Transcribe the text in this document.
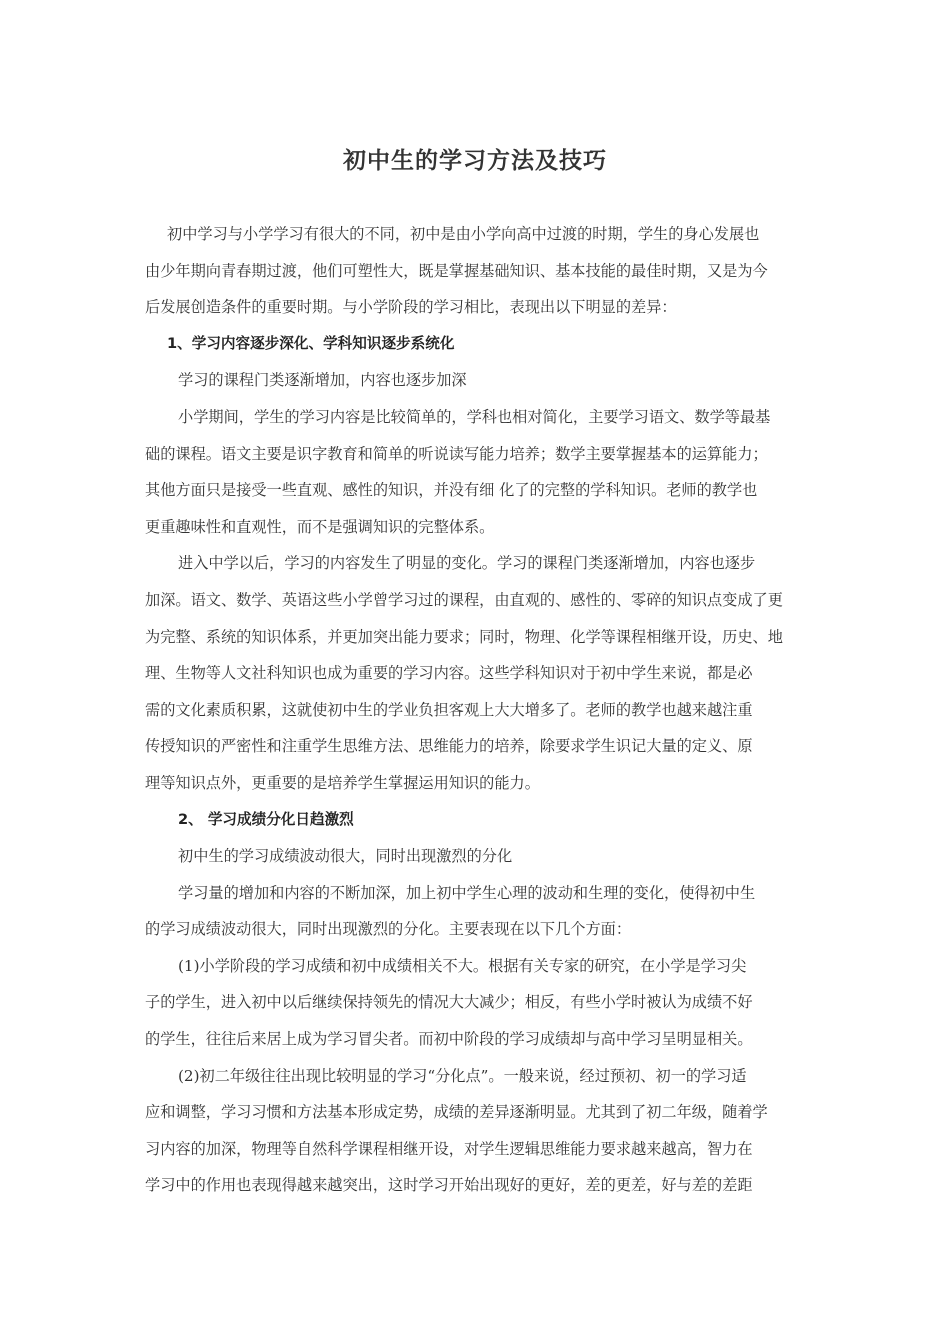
初中生的学习方法及技巧
初中学习与小学学习有很大的不同，初中是由小学向高中过渡的时期，学生的身心发展也
由少年期向青春期过渡，他们可塑性大，既是掌握基础知识、基本技能的最佳时期，又是为今
后发展创造条件的重要时期。与小学阶段的学习相比，表现出以下明显的差异：
1、学习内容逐步深化、学科知识逐步系统化
学习的课程门类逐渐增加，内容也逐步加深
小学期间，学生的学习内容是比较简单的，学科也相对简化，主要学习语文、数学等最基
础的课程。语文主要是识字教育和简单的听说读写能力培养；数学主要掌握基本的运算能力；
其他方面只是接受一些直观、感性的知识，并没有细 化了的完整的学科知识。老师的教学也
更重趣味性和直观性，而不是强调知识的完整体系。
进入中学以后，学习的内容发生了明显的变化。学习的课程门类逐渐增加，内容也逐步
加深。语文、数学、英语这些小学曾学习过的课程，由直观的、感性的、零碎的知识点变成了更
为完整、系统的知识体系，并更加突出能力要求；同时，物理、化学等课程相继开设，历史、地
理、生物等人文社科知识也成为重要的学习内容。这些学科知识对于初中学生来说，都是必
需的文化素质积累，这就使初中生的学业负担客观上大大增多了。老师的教学也越来越注重
传授知识的严密性和注重学生思维方法、思维能力的培养，除要求学生识记大量的定义、原
理等知识点外，更重要的是培养学生掌握运用知识的能力。
2、 学习成绩分化日趋激烈
初中生的学习成绩波动很大，同时出现激烈的分化
学习量的增加和内容的不断加深，加上初中学生心理的波动和生理的变化，使得初中生
的学习成绩波动很大，同时出现激烈的分化。主要表现在以下几个方面：
(1)小学阶段的学习成绩和初中成绩相关不大。根据有关专家的研究，在小学是学习尖
子的学生，进入初中以后继续保持领先的情况大大减少；相反，有些小学时被认为成绩不好
的学生，往往后来居上成为学习冒尖者。而初中阶段的学习成绩却与高中学习呈明显相关。
(2)初二年级往往出现比较明显的学习“分化点”。一般来说，经过预初、初一的学习适
应和调整，学习习惯和方法基本形成定势，成绩的差异逐渐明显。尤其到了初二年级，随着学
习内容的加深，物理等自然科学课程相继开设，对学生逻辑思维能力要求越来越高，智力在
学习中的作用也表现得越来越突出，这时学习开始出现好的更好，差的更差，好与差的差距
